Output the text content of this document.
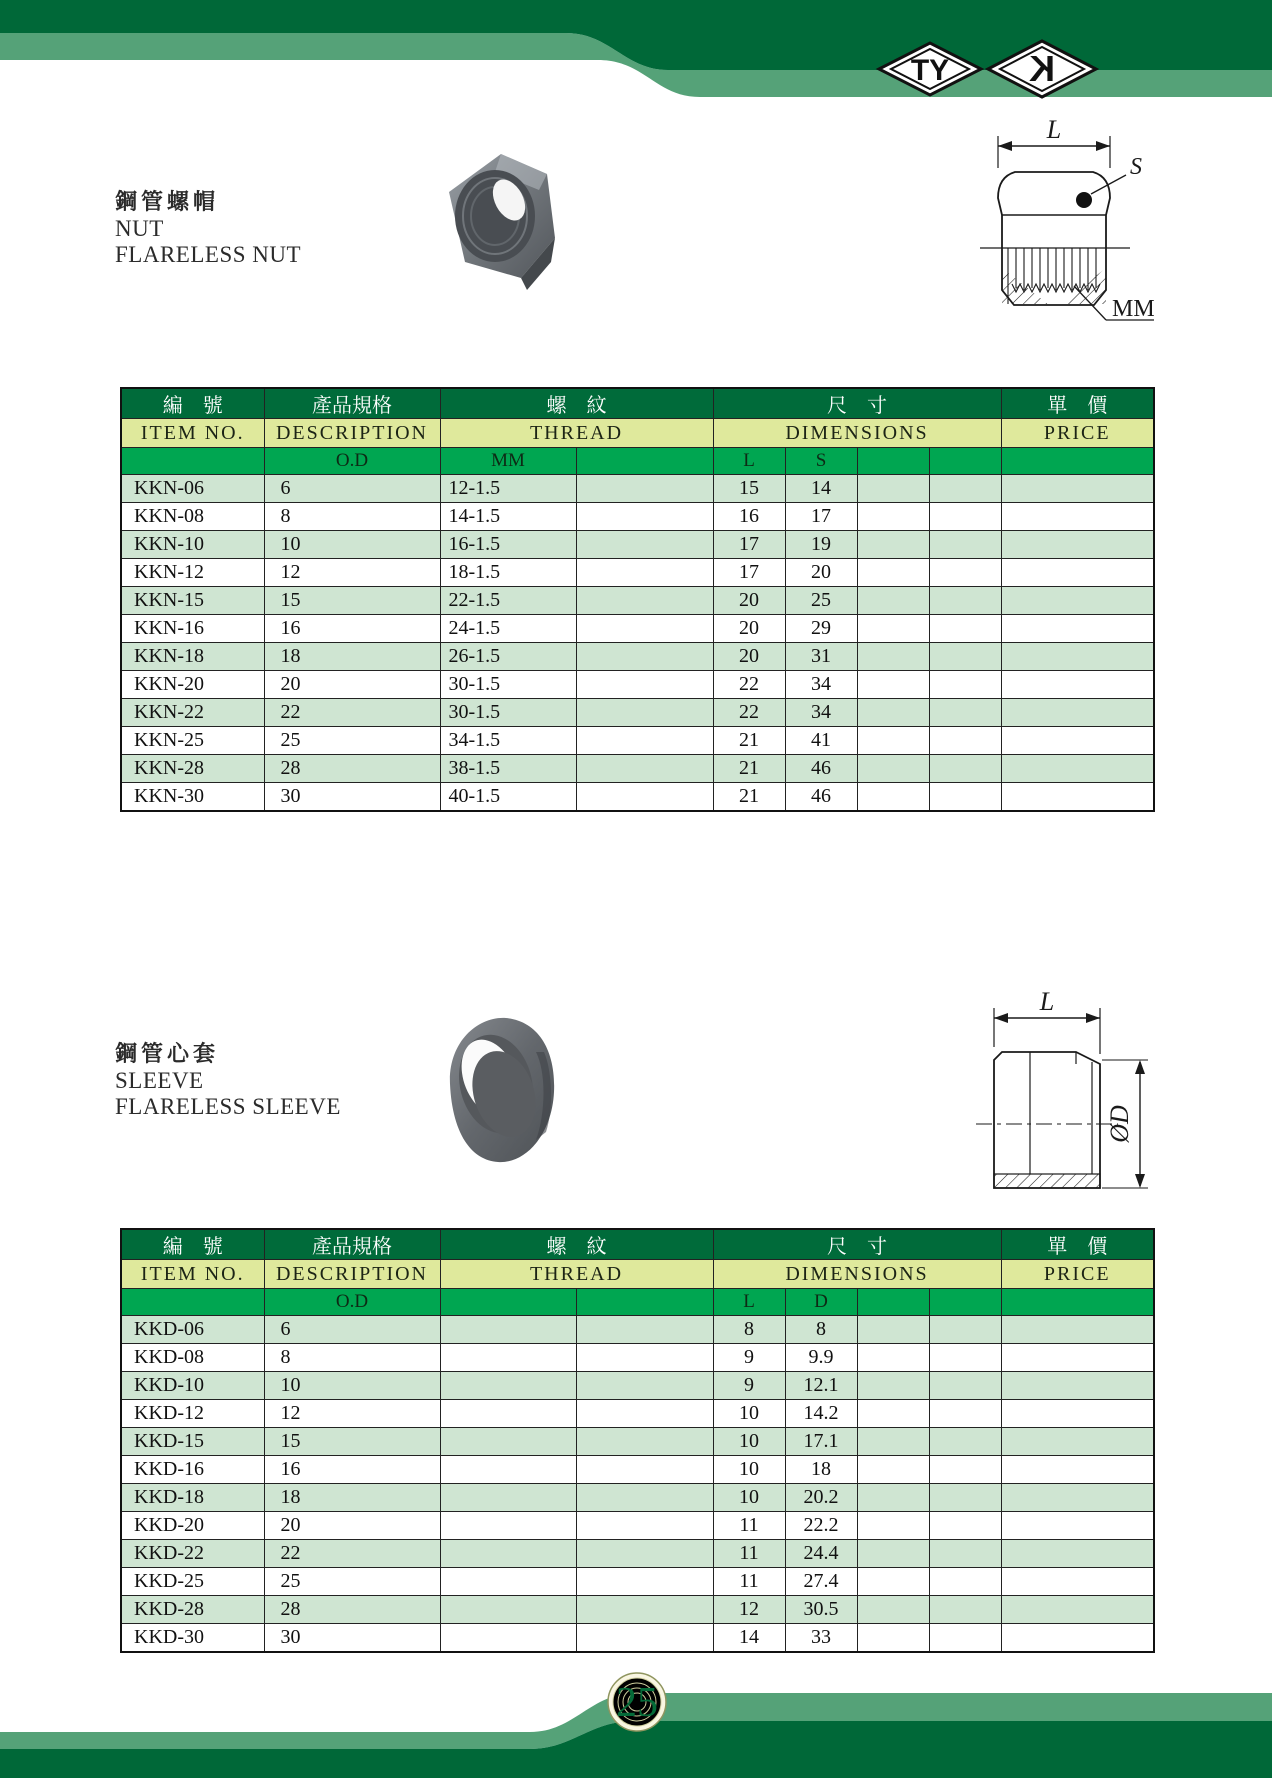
TY K
鋼管螺帽
NUT
FLARELESS NUT
L
S
MM
編　號	產品規格	螺　紋		尺　寸				單　價
ITEM NO.	DESCRIPTION	THREAD		DIMENSIONS				PRICE
	O.D	MM		L	S			
KKN-06	6	12-1.5		15	14			
KKN-08	8	14-1.5		16	17			
KKN-10	10	16-1.5		17	19			
KKN-12	12	18-1.5		17	20			
KKN-15	15	22-1.5		20	25			
KKN-16	16	24-1.5		20	29			
KKN-18	18	26-1.5		20	31			
KKN-20	20	30-1.5		22	34			
KKN-22	22	30-1.5		22	34			
KKN-25	25	34-1.5		21	41			
KKN-28	28	38-1.5		21	46			
KKN-30	30	40-1.5		21	46			
鋼管心套
SLEEVE
FLARELESS SLEEVE
L
ØD
編　號	產品規格	螺　紋		尺　寸				單　價
ITEM NO.	DESCRIPTION	THREAD		DIMENSIONS				PRICE
	O.D			L	D			
KKD-06	6			8	8			
KKD-08	8			9	9.9			
KKD-10	10			9	12.1			
KKD-12	12			10	14.2			
KKD-15	15			10	17.1			
KKD-16	16			10	18			
KKD-18	18			10	20.2			
KKD-20	20			11	22.2			
KKD-22	22			11	24.4			
KKD-25	25			11	27.4			
KKD-28	28			12	30.5			
KKD-30	30			14	33			
25
